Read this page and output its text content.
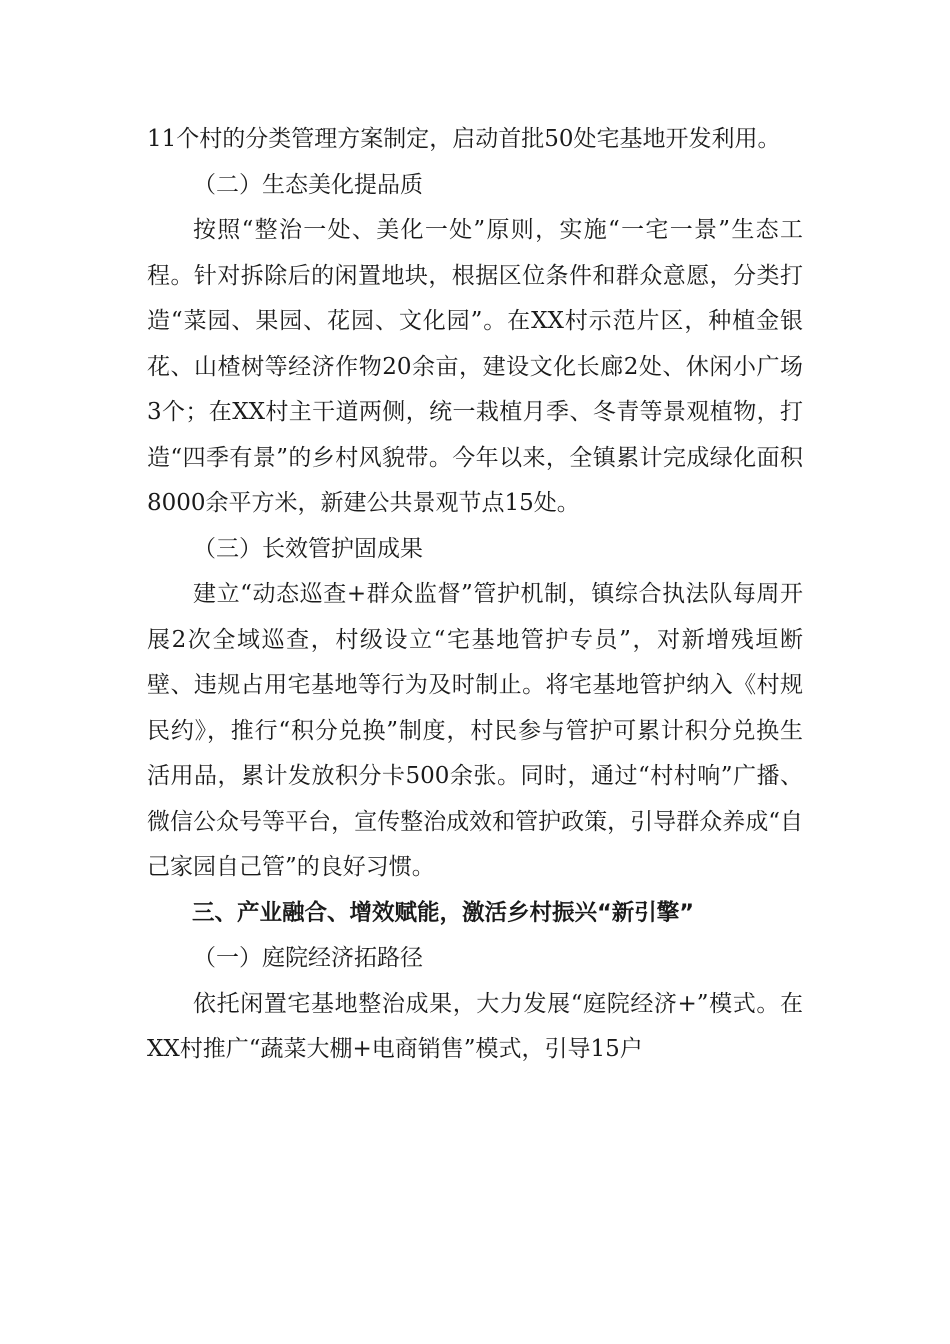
11个村的分类管理方案制定，启动首批50处宅基地开发利用。

（二）生态美化提品质

按照“整治一处、美化一处”原则，实施“一宅一景”生态工程。针对拆除后的闲置地块，根据区位条件和群众意愿，分类打造“菜园、果园、花园、文化园”。在XX村示范片区，种植金银花、山楂树等经济作物20余亩，建设文化长廊2处、休闲小广场3个；在XX村主干道两侧，统一栽植月季、冬青等景观植物，打造“四季有景”的乡村风貌带。今年以来，全镇累计完成绿化面积8000余平方米，新建公共景观节点15处。

（三）长效管护固成果

建立“动态巡查+群众监督”管护机制，镇综合执法队每周开展2次全域巡查，村级设立“宅基地管护专员”，对新增残垣断壁、违规占用宅基地等行为及时制止。将宅基地管护纳入《村规民约》，推行“积分兑换”制度，村民参与管护可累计积分兑换生活用品，累计发放积分卡500余张。同时，通过“村村响”广播、微信公众号等平台，宣传整治成效和管护政策，引导群众养成“自己家园自己管”的良好习惯。

三、产业融合、增效赋能，激活乡村振兴“新引擎”

（一）庭院经济拓路径

依托闲置宅基地整治成果，大力发展“庭院经济+”模式。在XX村推广“蔬菜大棚+电商销售”模式，引导15户
